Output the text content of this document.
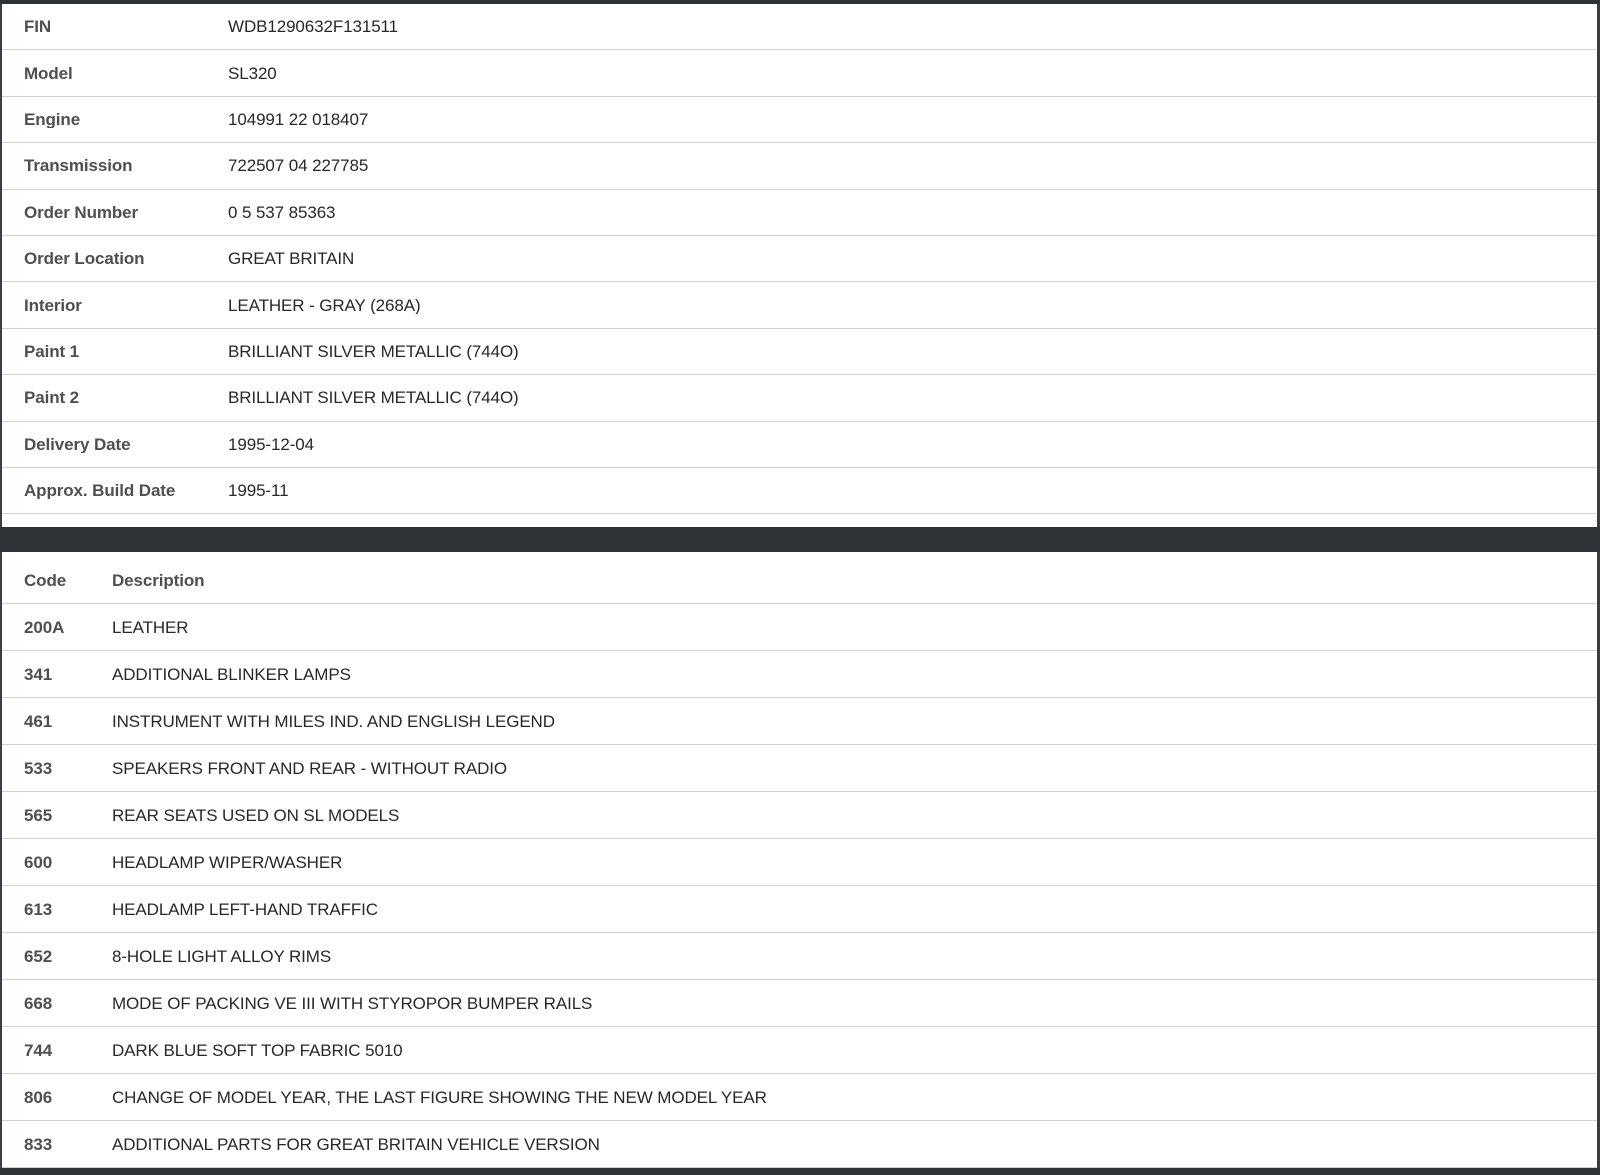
FIN	WDB1290632F131511
Model	SL320
Engine	104991 22 018407
Transmission	722507 04 227785
Order Number	0 5 537 85363
Order Location	GREAT BRITAIN
Interior	LEATHER - GRAY (268A)
Paint 1	BRILLIANT SILVER METALLIC (744O)
Paint 2	BRILLIANT SILVER METALLIC (744O)
Delivery Date	1995-12-04
Approx. Build Date	1995-11
Code	Description
200A	LEATHER
341	ADDITIONAL BLINKER LAMPS
461	INSTRUMENT WITH MILES IND. AND ENGLISH LEGEND
533	SPEAKERS FRONT AND REAR - WITHOUT RADIO
565	REAR SEATS USED ON SL MODELS
600	HEADLAMP WIPER/WASHER
613	HEADLAMP LEFT-HAND TRAFFIC
652	8-HOLE LIGHT ALLOY RIMS
668	MODE OF PACKING VE III WITH STYROPOR BUMPER RAILS
744	DARK BLUE SOFT TOP FABRIC 5010
806	CHANGE OF MODEL YEAR, THE LAST FIGURE SHOWING THE NEW MODEL YEAR
833	ADDITIONAL PARTS FOR GREAT BRITAIN VEHICLE VERSION
